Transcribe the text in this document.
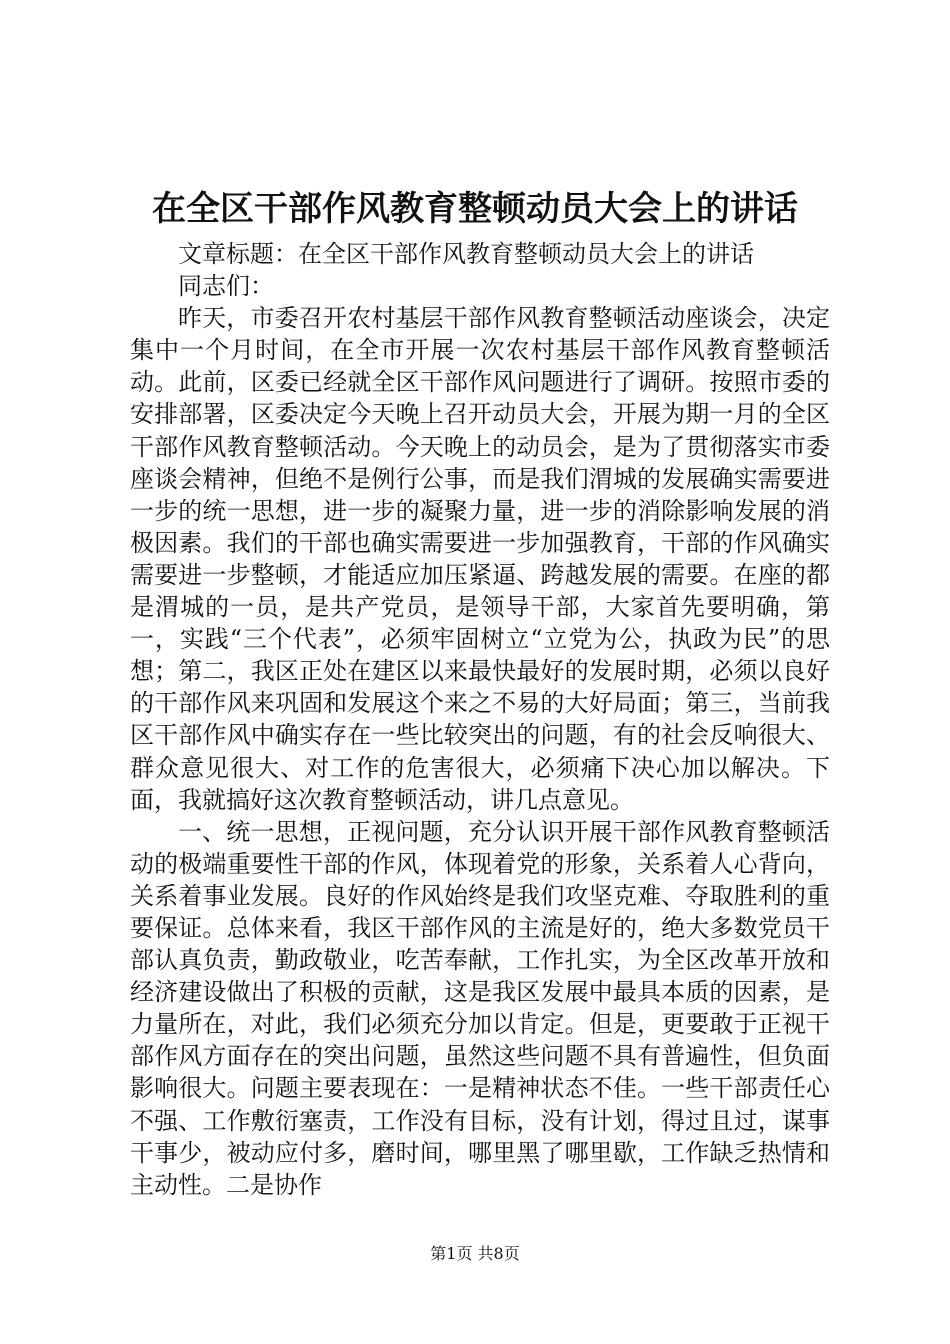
在全区干部作风教育整顿动员大会上的讲话

文章标题：在全区干部作风教育整顿动员大会上的讲话

同志们：

昨天，市委召开农村基层干部作风教育整顿活动座谈会，决定集中一个月时间，在全市开展一次农村基层干部作风教育整顿活动。此前，区委已经就全区干部作风问题进行了调研。按照市委的安排部署，区委决定今天晚上召开动员大会，开展为期一月的全区干部作风教育整顿活动。今天晚上的动员会，是为了贯彻落实市委座谈会精神，但绝不是例行公事，而是我们渭城的发展确实需要进一步的统一思想，进一步的凝聚力量，进一步的消除影响发展的消极因素。我们的干部也确实需要进一步加强教育，干部的作风确实需要进一步整顿，才能适应加压紧逼、跨越发展的需要。在座的都是渭城的一员，是共产党员，是领导干部，大家首先要明确，第一，实践“三个代表”，必须牢固树立“立党为公，执政为民”的思想；第二，我区正处在建区以来最快最好的发展时期，必须以良好的干部作风来巩固和发展这个来之不易的大好局面；第三，当前我区干部作风中确实存在一些比较突出的问题，有的社会反响很大、群众意见很大、对工作的危害很大，必须痛下决心加以解决。下面，我就搞好这次教育整顿活动，讲几点意见。

一、统一思想，正视问题，充分认识开展干部作风教育整顿活动的极端重要性干部的作风，体现着党的形象，关系着人心背向，关系着事业发展。良好的作风始终是我们攻坚克难、夺取胜利的重要保证。总体来看，我区干部作风的主流是好的，绝大多数党员干部认真负责，勤政敬业，吃苦奉献，工作扎实，为全区改革开放和经济建设做出了积极的贡献，这是我区发展中最具本质的因素，是力量所在，对此，我们必须充分加以肯定。但是，更要敢于正视干部作风方面存在的突出问题，虽然这些问题不具有普遍性，但负面影响很大。问题主要表现在：一是精神状态不佳。一些干部责任心不强、工作敷衍塞责，工作没有目标，没有计划，得过且过，谋事干事少，被动应付多，磨时间，哪里黑了哪里歇，工作缺乏热情和主动性。二是协作

第1页 共8页
